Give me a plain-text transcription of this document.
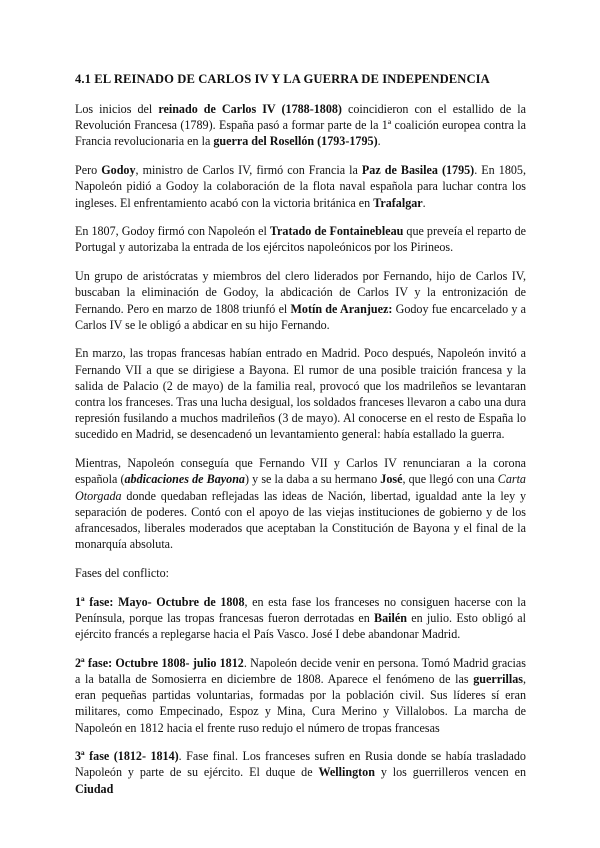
4.1 EL REINADO DE CARLOS IV Y LA GUERRA DE INDEPENDENCIA

Los inicios del reinado de Carlos IV (1788-1808) coincidieron con el estallido de la Revolución Francesa (1789). España pasó a formar parte de la 1ª coalición europea contra la Francia revolucionaria en la guerra del Rosellón (1793-1795).

Pero Godoy, ministro de Carlos IV, firmó con Francia la Paz de Basilea (1795). En 1805, Napoleón pidió a Godoy la colaboración de la flota naval española para luchar contra los ingleses. El enfrentamiento acabó con la victoria británica en Trafalgar.

En 1807, Godoy firmó con Napoleón el Tratado de Fontainebleau que preveía el reparto de Portugal y autorizaba la entrada de los ejércitos napoleónicos por los Pirineos.

Un grupo de aristócratas y miembros del clero liderados por Fernando, hijo de Carlos IV, buscaban la eliminación de Godoy, la abdicación de Carlos IV y la entronización de Fernando. Pero en marzo de 1808 triunfó el Motín de Aranjuez: Godoy fue encarcelado y a Carlos IV se le obligó a abdicar en su hijo Fernando.

En marzo, las tropas francesas habían entrado en Madrid. Poco después, Napoleón invitó a Fernando VII a que se dirigiese a Bayona. El rumor de una posible traición francesa y la salida de Palacio (2 de mayo) de la familia real, provocó que los madrileños se levantaran contra los franceses. Tras una lucha desigual, los soldados franceses llevaron a cabo una dura represión fusilando a muchos madrileños (3 de mayo). Al conocerse en el resto de España lo sucedido en Madrid, se desencadenó un levantamiento general: había estallado la guerra.

Mientras, Napoleón conseguía que Fernando VII y Carlos IV renunciaran a la corona española (abdicaciones de Bayona) y se la daba a su hermano José, que llegó con una Carta Otorgada donde quedaban reflejadas las ideas de Nación, libertad, igualdad ante la ley y separación de poderes. Contó con el apoyo de las viejas instituciones de gobierno y de los afrancesados, liberales moderados que aceptaban la Constitución de Bayona y el final de la monarquía absoluta.

Fases del conflicto:

1ª fase: Mayo- Octubre de 1808, en esta fase los franceses no consiguen hacerse con la Península, porque las tropas francesas fueron derrotadas en Bailén en julio. Esto obligó al ejército francés a replegarse hacia el País Vasco. José I debe abandonar Madrid.

2ª fase: Octubre 1808- julio 1812. Napoleón decide venir en persona. Tomó Madrid gracias a la batalla de Somosierra en diciembre de 1808. Aparece el fenómeno de las guerrillas, eran pequeñas partidas voluntarias, formadas por la población civil. Sus líderes sí eran militares, como Empecinado, Espoz y Mina, Cura Merino y Villalobos. La marcha de Napoleón en 1812 hacia el frente ruso redujo el número de tropas francesas

3ª fase (1812- 1814). Fase final. Los franceses sufren en Rusia donde se había trasladado Napoleón y parte de su ejército. El duque de Wellington y los guerrilleros vencen en Ciudad
